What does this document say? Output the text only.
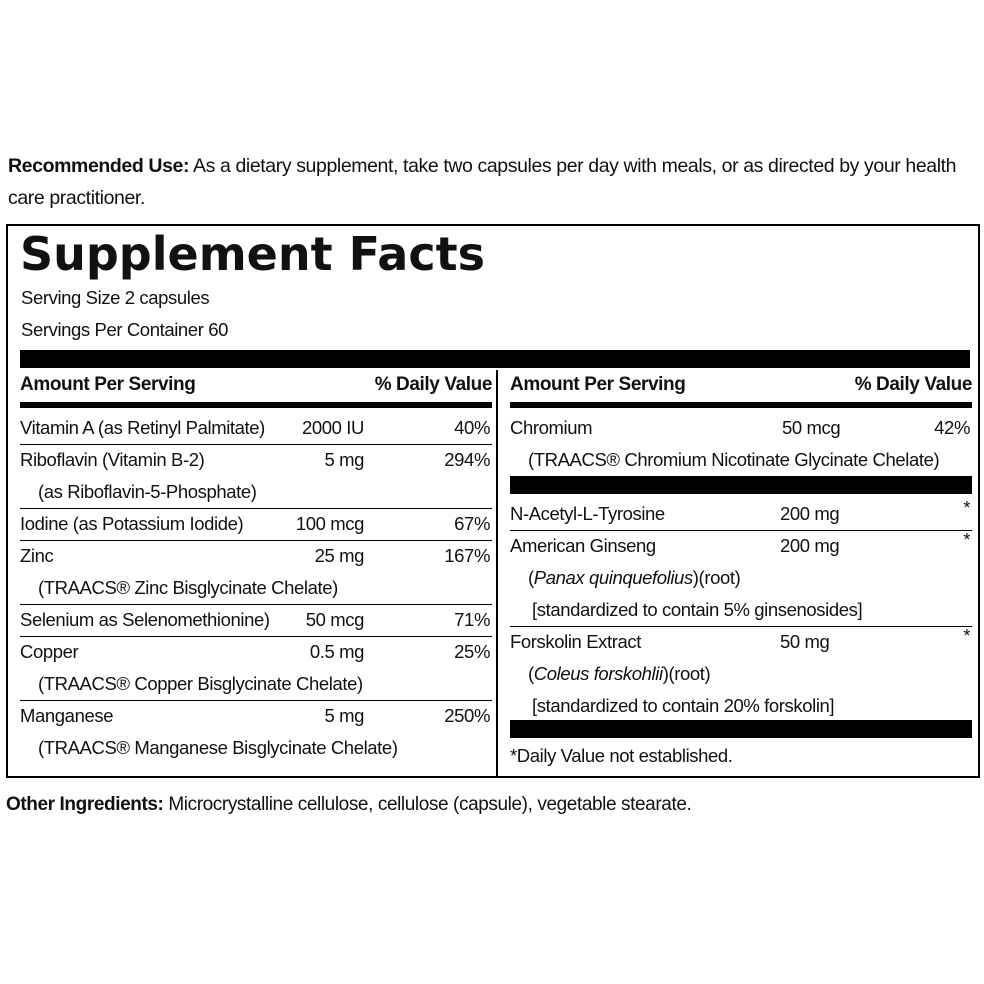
Recommended Use: As a dietary supplement, take two capsules per day with meals, or as directed by your health care practitioner.
Supplement Facts
Serving Size 2 capsules
Servings Per Container 60
Amount Per Serving	% Daily Value
Vitamin A (as Retinyl Palmitate) 2000 IU	40%
Riboflavin (Vitamin B-2)	5 mg	294%
(as Riboflavin-5-Phosphate)
Iodine (as Potassium Iodide)	100 mcg	67%
Zinc	25 mg	167%
(TRAACS® Zinc Bisglycinate Chelate)
Selenium as Selenomethionine) 50 mcg	71%
Copper	0.5 mg	25%
(TRAACS® Copper Bisglycinate Chelate)
Manganese	5 mg	250%
(TRAACS® Manganese Bisglycinate Chelate)
Amount Per Serving	% Daily Value
Chromium	50 mcg	42%
(TRAACS® Chromium Nicotinate Glycinate Chelate)
N-Acetyl-L-Tyrosine	200 mg	*
American Ginseng	200 mg	*
(Panax quinquefolius)(root)
[standardized to contain 5% ginsenosides]
Forskolin Extract	50 mg	*
(Coleus forskohlii)(root)
[standardized to contain 20% forskolin]
*Daily Value not established.
Other Ingredients: Microcrystalline cellulose, cellulose (capsule), vegetable stearate.
